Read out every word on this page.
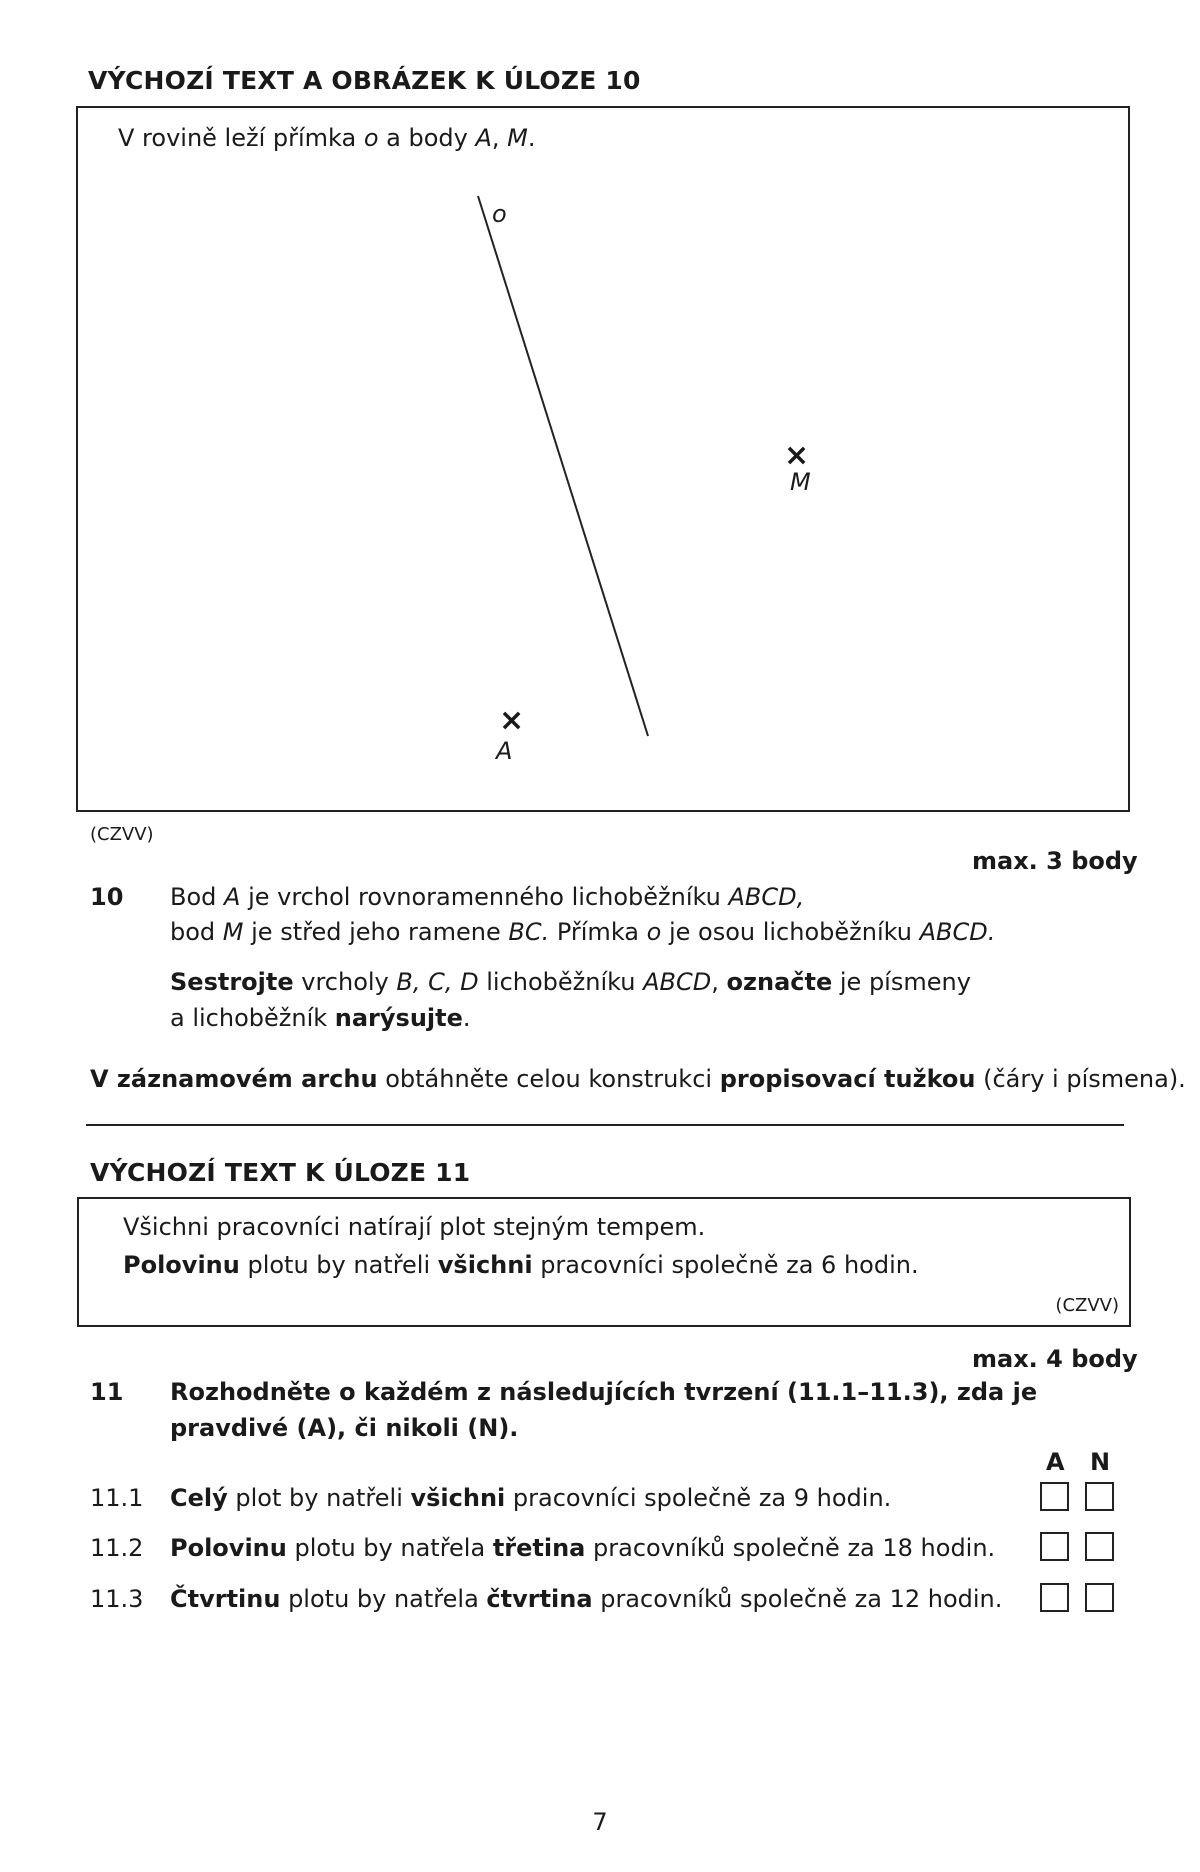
VÝCHOZÍ TEXT A OBRÁZEK K ÚLOZE 10
V rovině leží přímka o a body A, M.
o
×
M
×
A
(CZVV)
max. 3 body
10 Bod A je vrchol rovnoramenného lichoběžníku ABCD,
bod M je střed jeho ramene BC. Přímka o je osou lichoběžníku ABCD.
Sestrojte vrcholy B, C, D lichoběžníku ABCD, označte je písmeny
a lichoběžník narýsujte.
V záznamovém archu obtáhněte celou konstrukci propisovací tužkou (čáry i písmena).
VÝCHOZÍ TEXT K ÚLOZE 11
Všichni pracovníci natírají plot stejným tempem.
Polovinu plotu by natřeli všichni pracovníci společně za 6 hodin.
(CZVV)
max. 4 body
11 Rozhodněte o každém z následujících tvrzení (11.1–11.3), zda je
pravdivé (A), či nikoli (N).
A N
11.1 Celý plot by natřeli všichni pracovníci společně za 9 hodin.
11.2 Polovinu plotu by natřela třetina pracovníků společně za 18 hodin.
11.3 Čtvrtinu plotu by natřela čtvrtina pracovníků společně za 12 hodin.
7
